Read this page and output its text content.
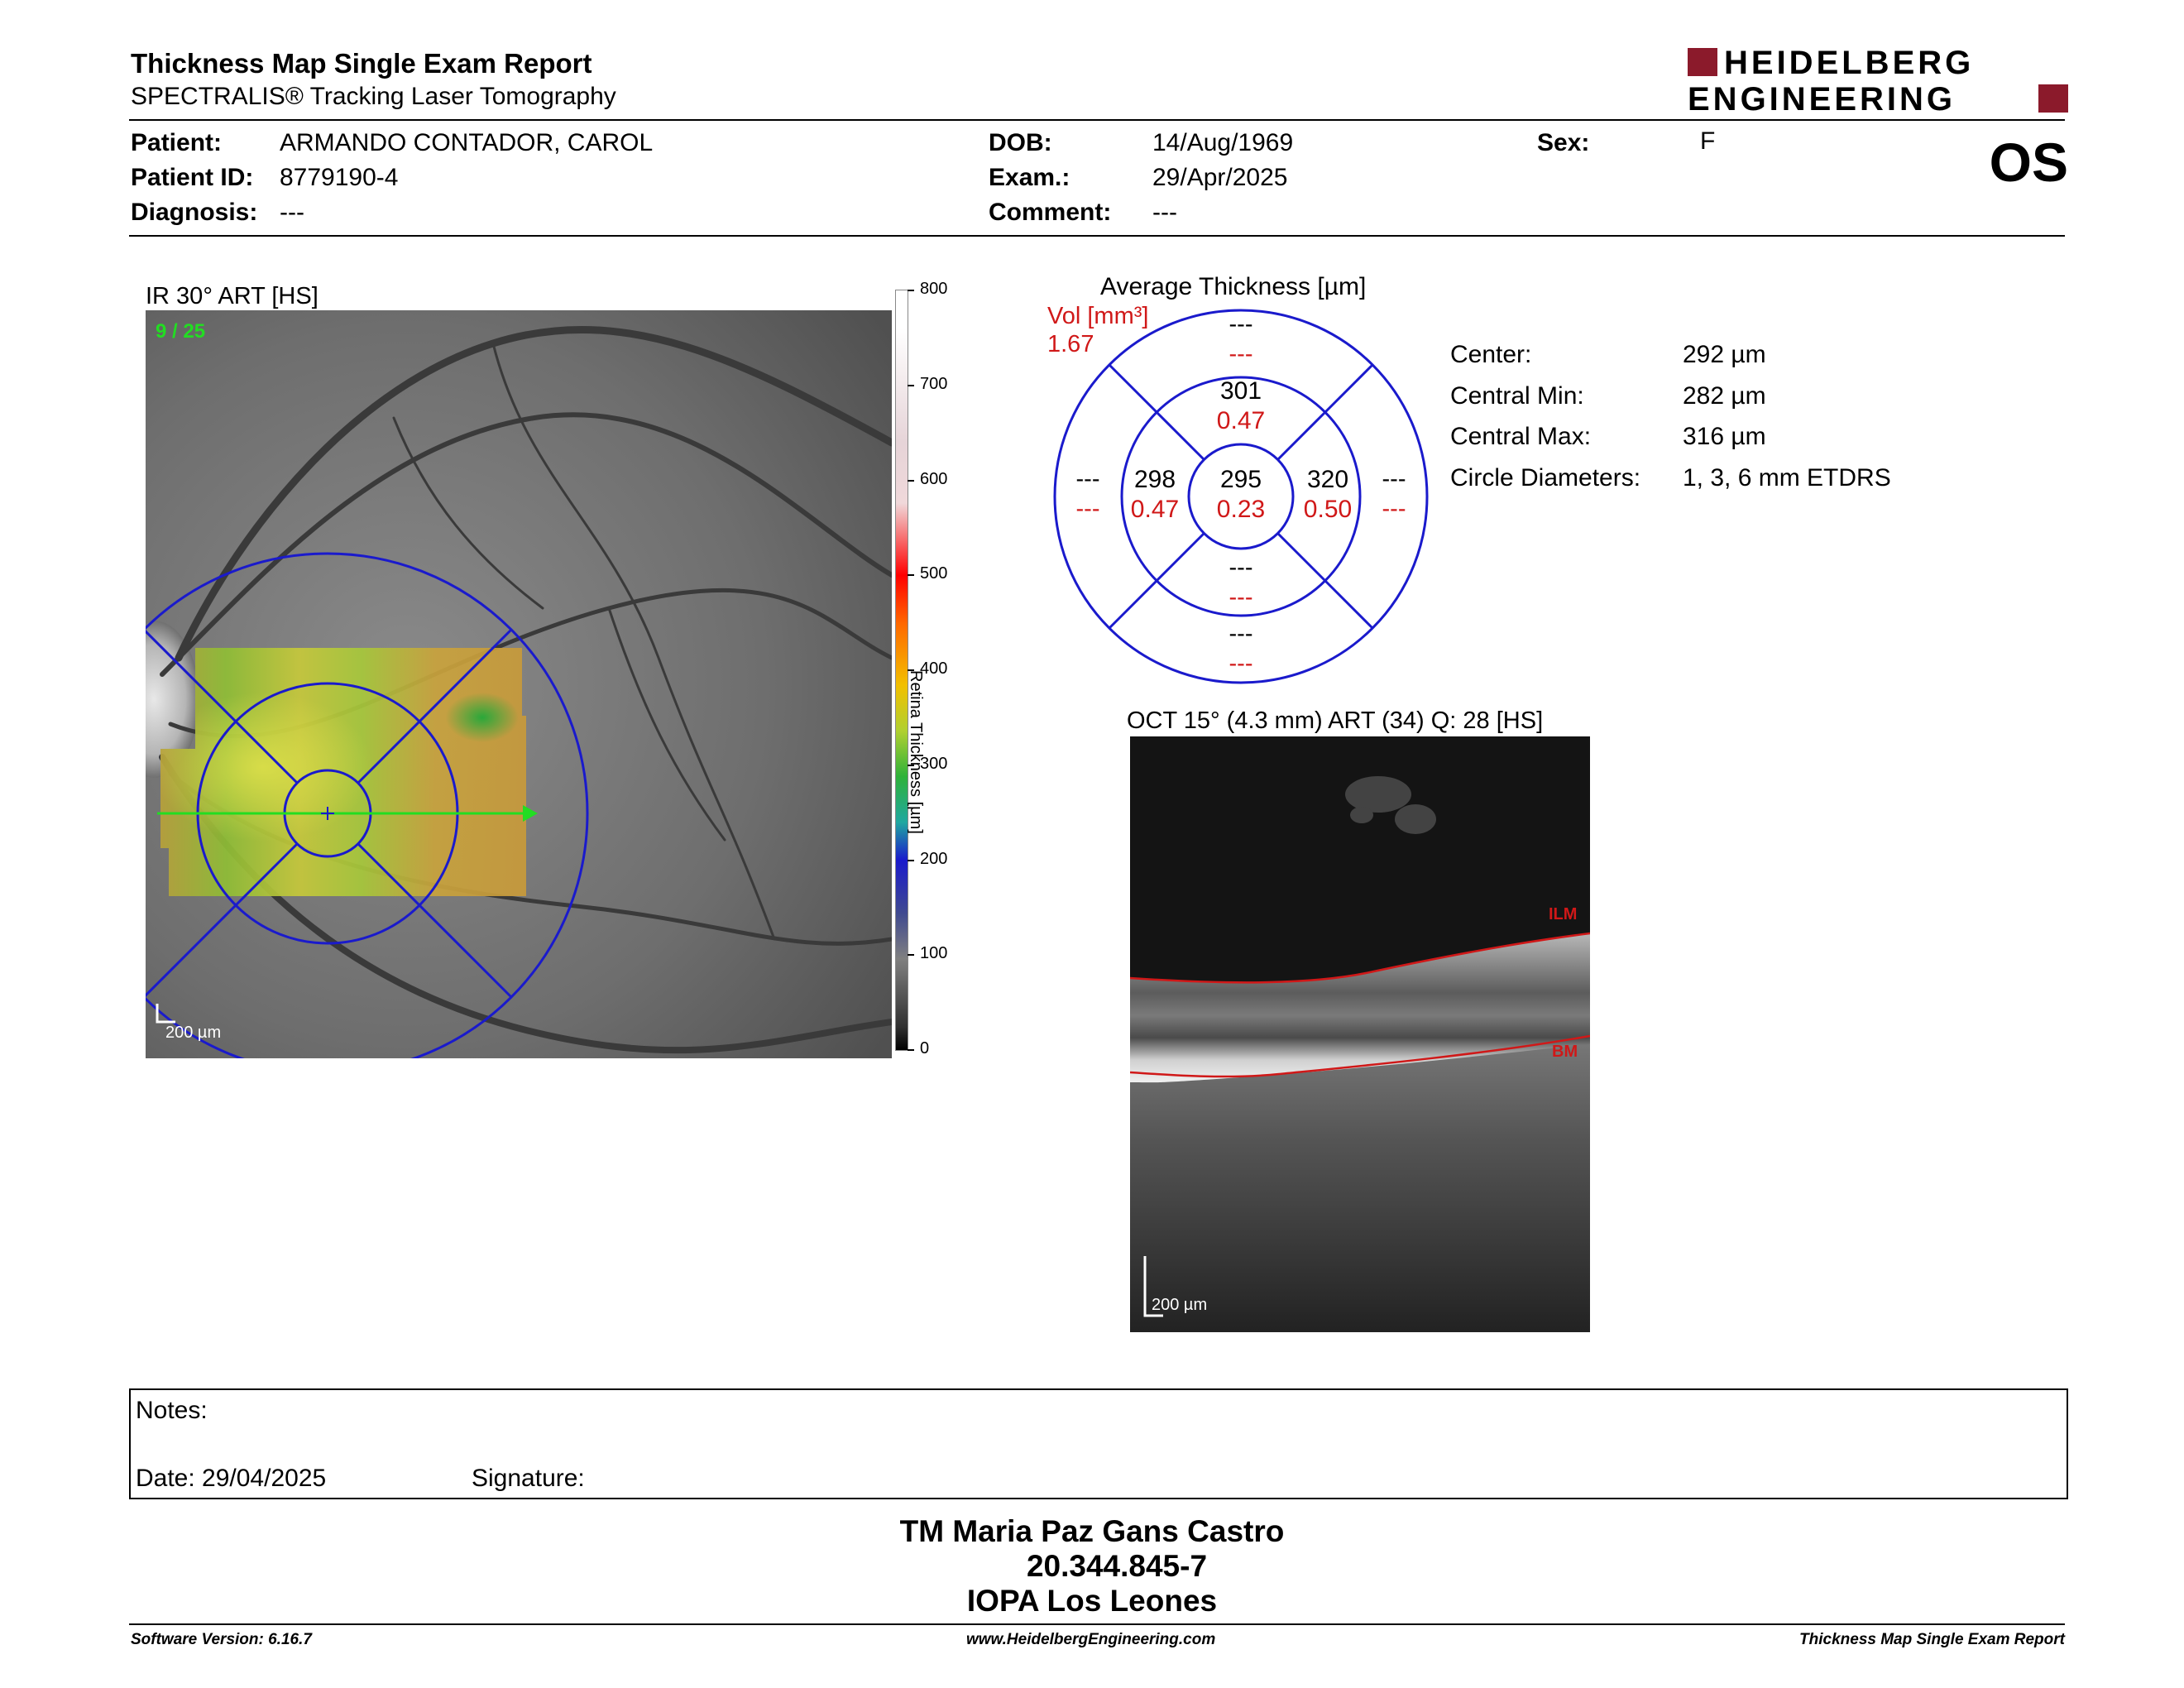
Thickness Map Single Exam Report
SPECTRALIS® Tracking Laser Tomography
HEIDELBERG
ENGINEERING
Patient: ARMANDO CONTADOR, CAROL
Patient ID: 8779190-4
Diagnosis: ---
DOB:	14/Aug/1969
Exam.:	29/Apr/2025
Comment: ---
Sex:	F	OS
IR 30° ART [HS]
9 / 25
200 µm
800
700
600
500
400
300
200
100
0
Retina Thickness [µm]
Average Thickness [µm]
Vol [mm³]
1.67
---
---
301
0.47
---
---
298
0.47
295
0.23
320
0.50
---
---
---
---
---
---
Center:	292 µm
Central Min:	282 µm
Central Max:	316 µm
Circle Diameters: 1, 3, 6 mm ETDRS
OCT 15° (4.3 mm) ART (34) Q: 28 [HS]
ILM
BM
200 µm
Notes:
Date: 29/04/2025	Signature:
TM Maria Paz Gans Castro
20.344.845-7
IOPA Los Leones
Software Version: 6.16.7	www.HeidelbergEngineering.com	Thickness Map Single Exam Report
